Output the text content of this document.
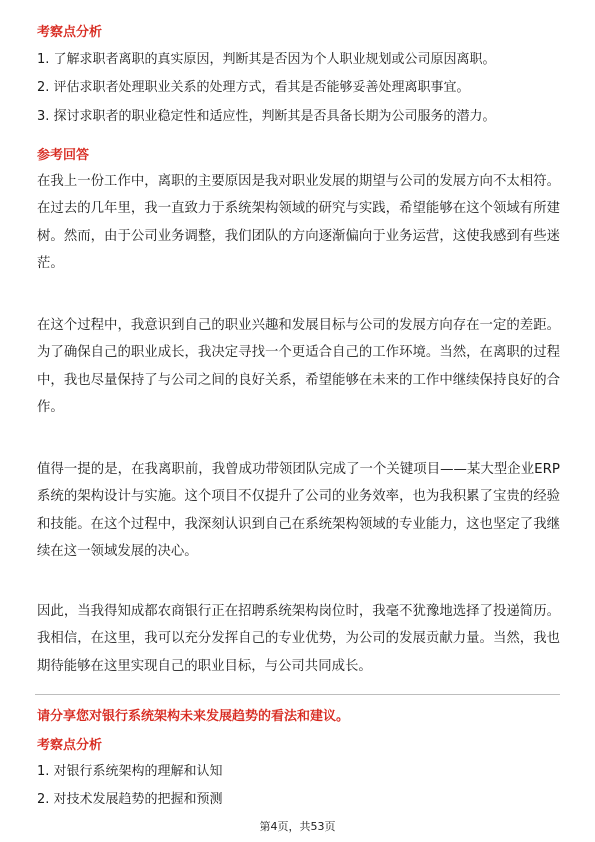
考察点分析
1. 了解求职者离职的真实原因，判断其是否因为个人职业规划或公司原因离职。
2. 评估求职者处理职业关系的处理方式，看其是否能够妥善处理离职事宜。
3. 探讨求职者的职业稳定性和适应性，判断其是否具备长期为公司服务的潜力。
参考回答
在我上一份工作中，离职的主要原因是我对职业发展的期望与公司的发展方向不太相符。在过去的几年里，我一直致力于系统架构领域的研究与实践，希望能够在这个领域有所建树。然而，由于公司业务调整，我们团队的方向逐渐偏向于业务运营，这使我感到有些迷茫。
在这个过程中，我意识到自己的职业兴趣和发展目标与公司的发展方向存在一定的差距。为了确保自己的职业成长，我决定寻找一个更适合自己的工作环境。当然，在离职的过程中，我也尽量保持了与公司之间的良好关系，希望能够在未来的工作中继续保持良好的合作。
值得一提的是，在我离职前，我曾成功带领团队完成了一个关键项目——某大型企业ERP系统的架构设计与实施。这个项目不仅提升了公司的业务效率，也为我积累了宝贵的经验和技能。在这个过程中，我深刻认识到自己在系统架构领域的专业能力，这也坚定了我继续在这一领域发展的决心。
因此，当我得知成都农商银行正在招聘系统架构岗位时，我毫不犹豫地选择了投递简历。我相信，在这里，我可以充分发挥自己的专业优势，为公司的发展贡献力量。当然，我也期待能够在这里实现自己的职业目标，与公司共同成长。
请分享您对银行系统架构未来发展趋势的看法和建议。
考察点分析
1. 对银行系统架构的理解和认知
2. 对技术发展趋势的把握和预测
第4页，共53页
